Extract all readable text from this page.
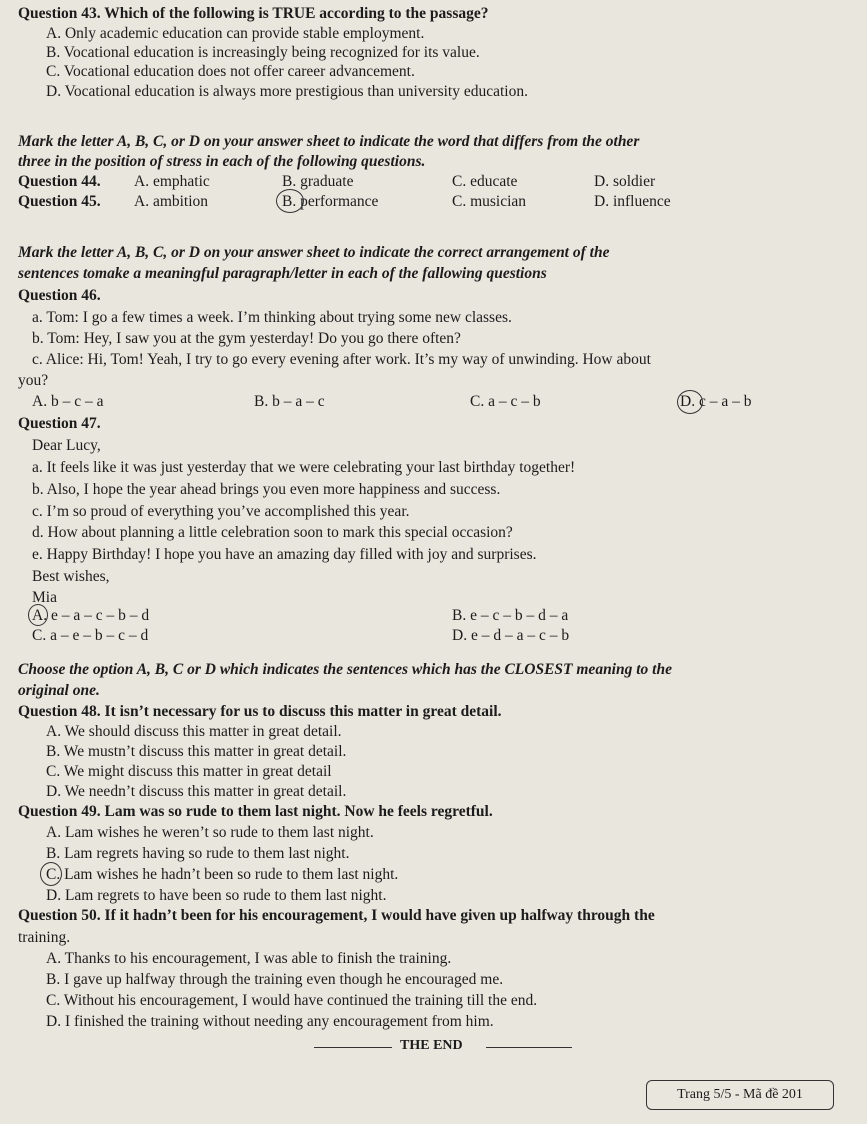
Question 43. Which of the following is TRUE according to the passage?
A. Only academic education can provide stable employment.
B. Vocational education is increasingly being recognized for its value.
C. Vocational education does not offer career advancement.
D. Vocational education is always more prestigious than university education.
Mark the letter A, B, C, or D on your answer sheet to indicate the word that differs from the other
three in the position of stress in each of the following questions.
Question 44. A. emphatic	B. graduate	C. educate	D. soldier
Question 45. A. ambition	B. performance	C. musician	D. influence
Mark the letter A, B, C, or D on your answer sheet to indicate the correct arrangement of the
sentences tomake a meaningful paragraph/letter in each of the fallowing questions
Question 46.
a. Tom: I go a few times a week. I’m thinking about trying some new classes.
b. Tom: Hey, I saw you at the gym yesterday! Do you go there often?
c. Alice: Hi, Tom! Yeah, I try to go every evening after work. It’s my way of unwinding. How about
you?
A. b – c – a	B. b – a – c	C. a – c – b	D. c – a – b
Question 47.
Dear Lucy,
a. It feels like it was just yesterday that we were celebrating your last birthday together!
b. Also, I hope the year ahead brings you even more happiness and success.
c. I’m so proud of everything you’ve accomplished this year.
d. How about planning a little celebration soon to mark this special occasion?
e. Happy Birthday! I hope you have an amazing day filled with joy and surprises.
Best wishes,
Mia
A. e – a – c – b – d	B. e – c – b – d – a
C. a – e – b – c – d	D. e – d – a – c – b
Choose the option A, B, C or D which indicates the sentences which has the CLOSEST meaning to the
original one.
Question 48. It isn’t necessary for us to discuss this matter in great detail.
A. We should discuss this matter in great detail.
B. We mustn’t discuss this matter in great detail.
C. We might discuss this matter in great detail
D. We needn’t discuss this matter in great detail.
Question 49. Lam was so rude to them last night. Now he feels regretful.
A. Lam wishes he weren’t so rude to them last night.
B. Lam regrets having so rude to them last night.
C. Lam wishes he hadn’t been so rude to them last night.
D. Lam regrets to have been so rude to them last night.
Question 50. If it hadn’t been for his encouragement, I would have given up halfway through the
training.
A. Thanks to his encouragement, I was able to finish the training.
B. I gave up halfway through the training even though he encouraged me.
C. Without his encouragement, I would have continued the training till the end.
D. I finished the training without needing any encouragement from him.
THE END
Trang 5/5 - Mã đề 201
